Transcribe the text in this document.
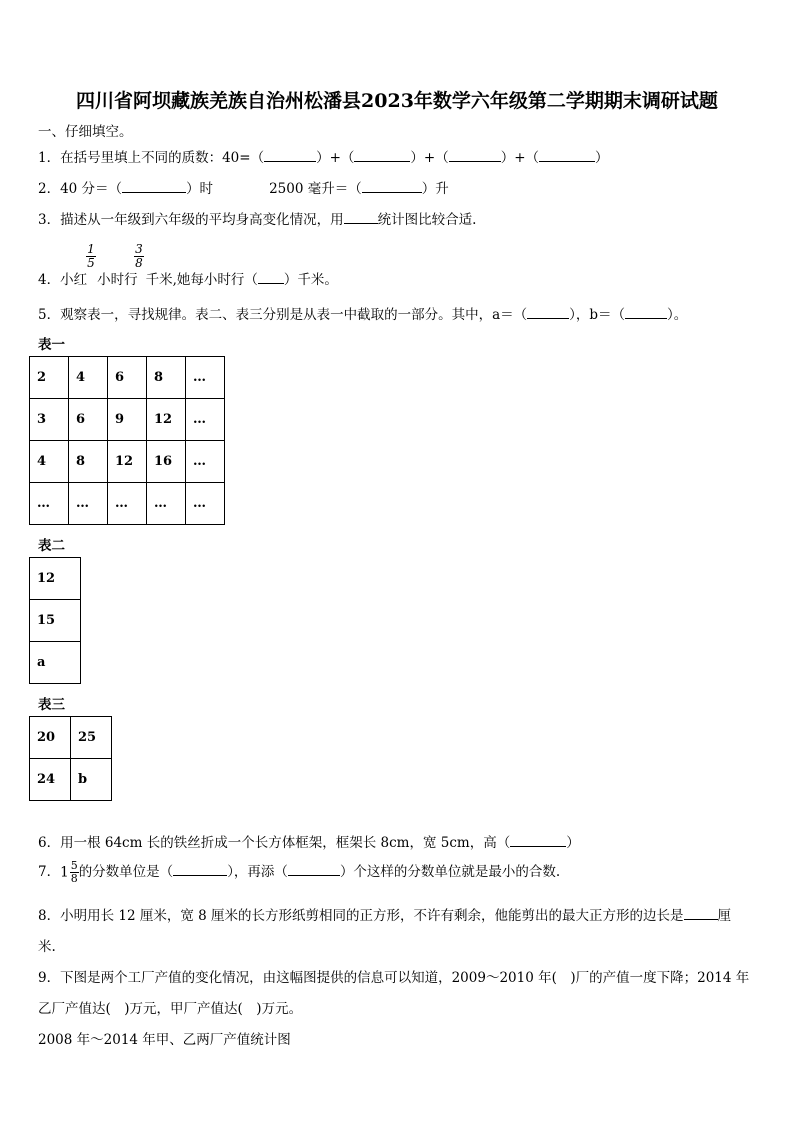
四川省阿坝藏族羌族自治州松潘县2023年数学六年级第二学期期末调研试题
一、仔细填空。
1．在括号里填上不同的质数：40=（	）+（	）+（	）+（	）
2．40 分＝（	）时	2500 毫升＝（	）升
3．描述从一年级到六年级的平均身高变化情况，用	统计图比较合适.
$\frac{1}{5}$	$\frac{3}{8}$
4．小红 小时行 千米,她每小时行（ ）千米。
5．观察表一，寻找规律。表二、表三分别是从表一中截取的一部分。其中，a＝（	），b＝（	）。
表一
2	4	6	8	…
3	6	9	12	…
4	8	12	16	…
…	…	…	…	…
表二
12
15
a
表三
20	25
24	b
6．用一根 64cm 长的铁丝折成一个长方体框架，框架长 8cm，宽 5cm，高（	）
7．$1 \frac{5}{8}$ 的分数单位是（	），再添（	）个这样的分数单位就是最小的合数.
8．小明用长 12 厘米，宽 8 厘米的长方形纸剪相同的正方形，不许有剩余，他能剪出的最大正方形的边长是	厘
米.
9．下图是两个工厂产值的变化情况，由这幅图提供的信息可以知道，2009～2010 年(　)厂的产值一度下降；2014 年
乙厂产值达(　)万元，甲厂产值达(　)万元。
2008 年～2014 年甲、乙两厂产值统计图
